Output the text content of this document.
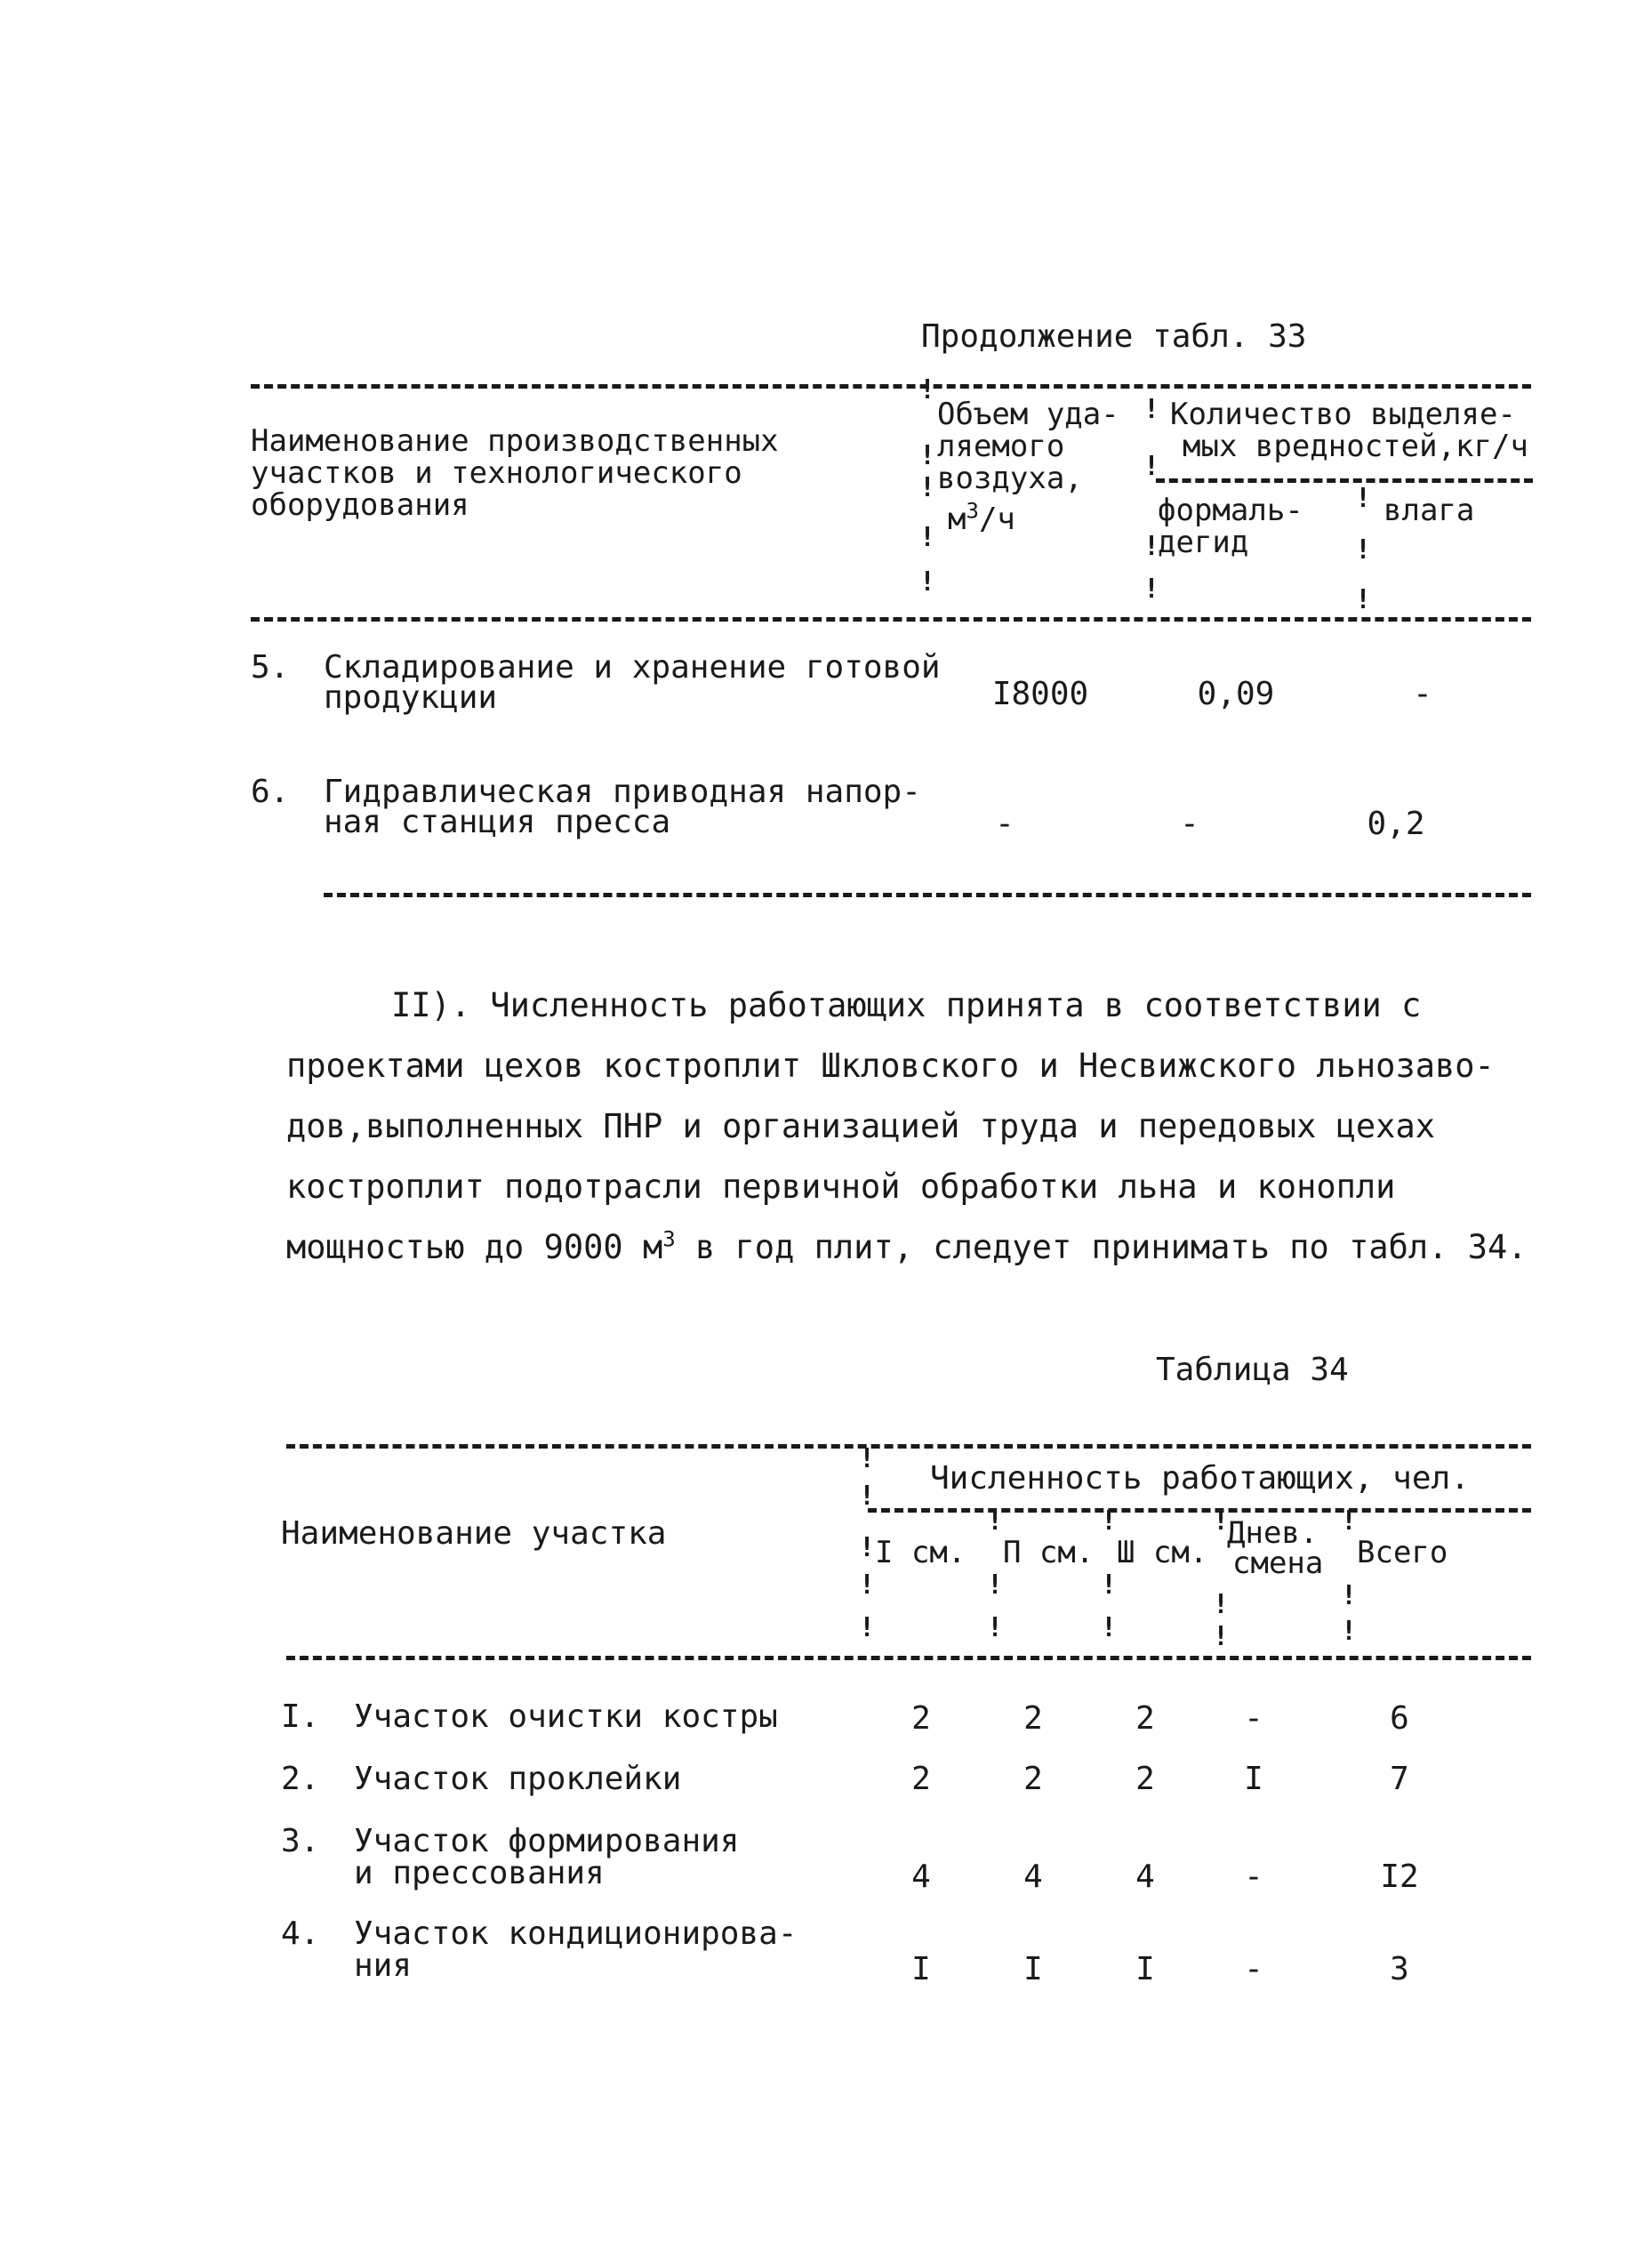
Продолжение табл. 33
Наименование производственных
участков и технологического
оборудования
!
!
!
!
!
Объем уда-
ляемого
воздуха,
$м^3/ч$
!
!
!
!
Количество выделяе-
мых вредностей,кг/ч
формаль-
дегид
!
!
!
влага
5. Складирование и хранение готовой
продукции	I8000	0,09	-
6. Гидравлическая приводная напор-
ная станция пресса	-	-	0,2
II). Численность работающих принята в соответствии с
проектами цехов костроплит Шкловского и Несвижского льнозаво-
дов,выполненных ПНР и организацией труда и передовых цехах
костроплит подотрасли первичной обработки льна и конопли
мощностью до 9000 $м^3$ в год плит, следует принимать по табл. 34.
Таблица 34
Наименование участка
!
!
!
!
!
Численность работающих, чел.
I см.
!
!
!
П см.
!
!
!
Ш см.
!
!
!
Днев.
смена
!
!
!
Всего
I. Участок очистки костры	2	2	2	-	6
2. Участок проклейки	2	2	2	I	7
3. Участок формирования
и прессования	4	4	4	-	I2
4. Участок кондиционирова-
ния	I	I	I	-	3
